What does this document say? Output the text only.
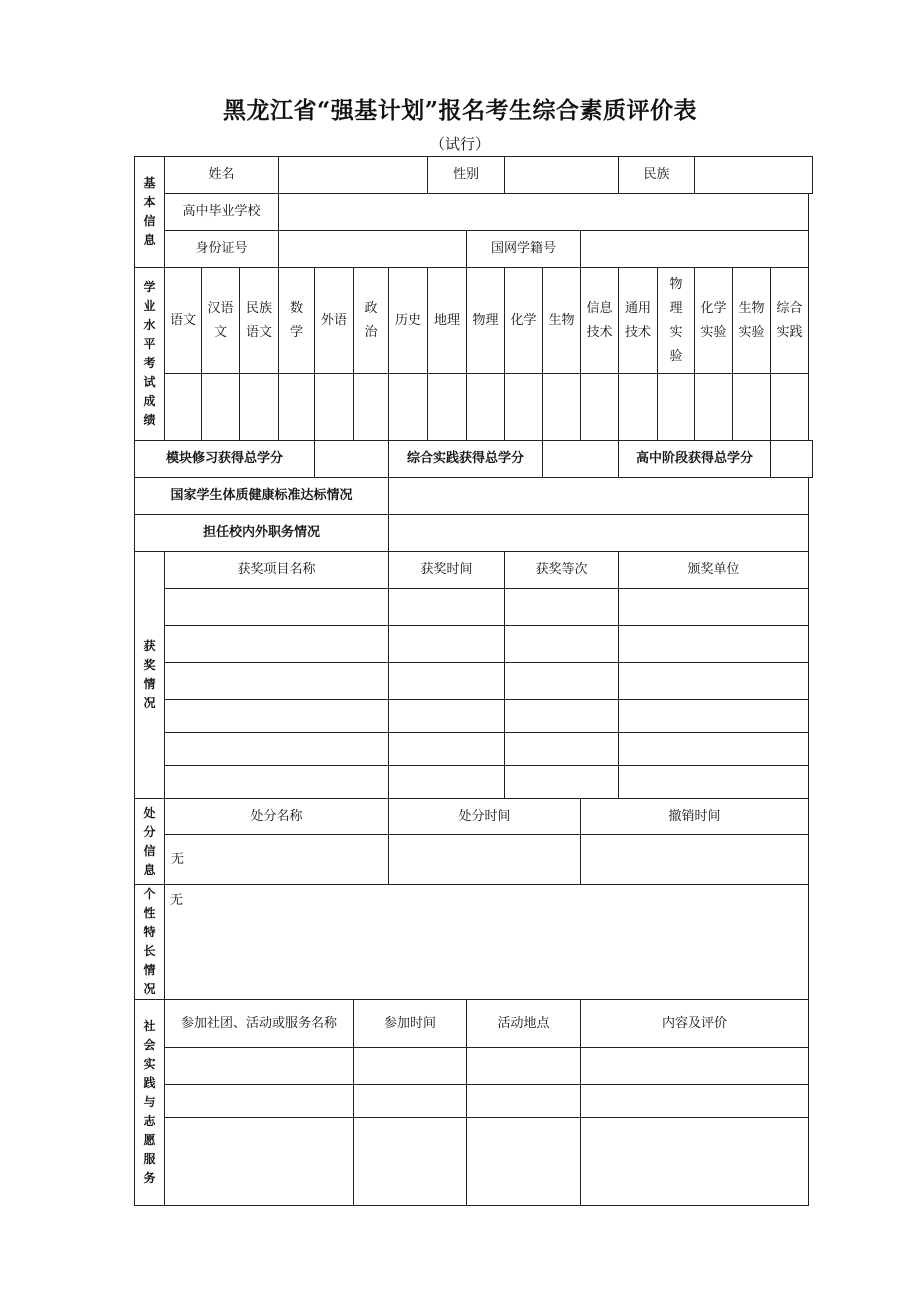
黑龙江省“强基计划”报名考生综合素质评价表
（试行）
基本信息	姓名							性别					民族				
	高中毕业学校																
	身份证号								国网学籍号								

学业水平考试成绩	语文	汉语文	民族语文	数学	外语	政治	历史	地理	物理	化学	生物	信息技术	通用技术	物理实验	化学实验	生物实验	综合实践

模块修习获得总学分							综合实践获得总学分						高中阶段获得总学分				
国家学生体质健康标准达标情况																	
担任校内外职务情况																	

获奖情况	获奖项目名称						获奖时间			获奖等次			颁奖单位				

处分信息	处分名称						处分时间					撤销时间					
	无																

个性特长情况	无																

社会实践与志愿服务	参加社团、活动或服务名称					参加时间			活动地点			内容及评价					
